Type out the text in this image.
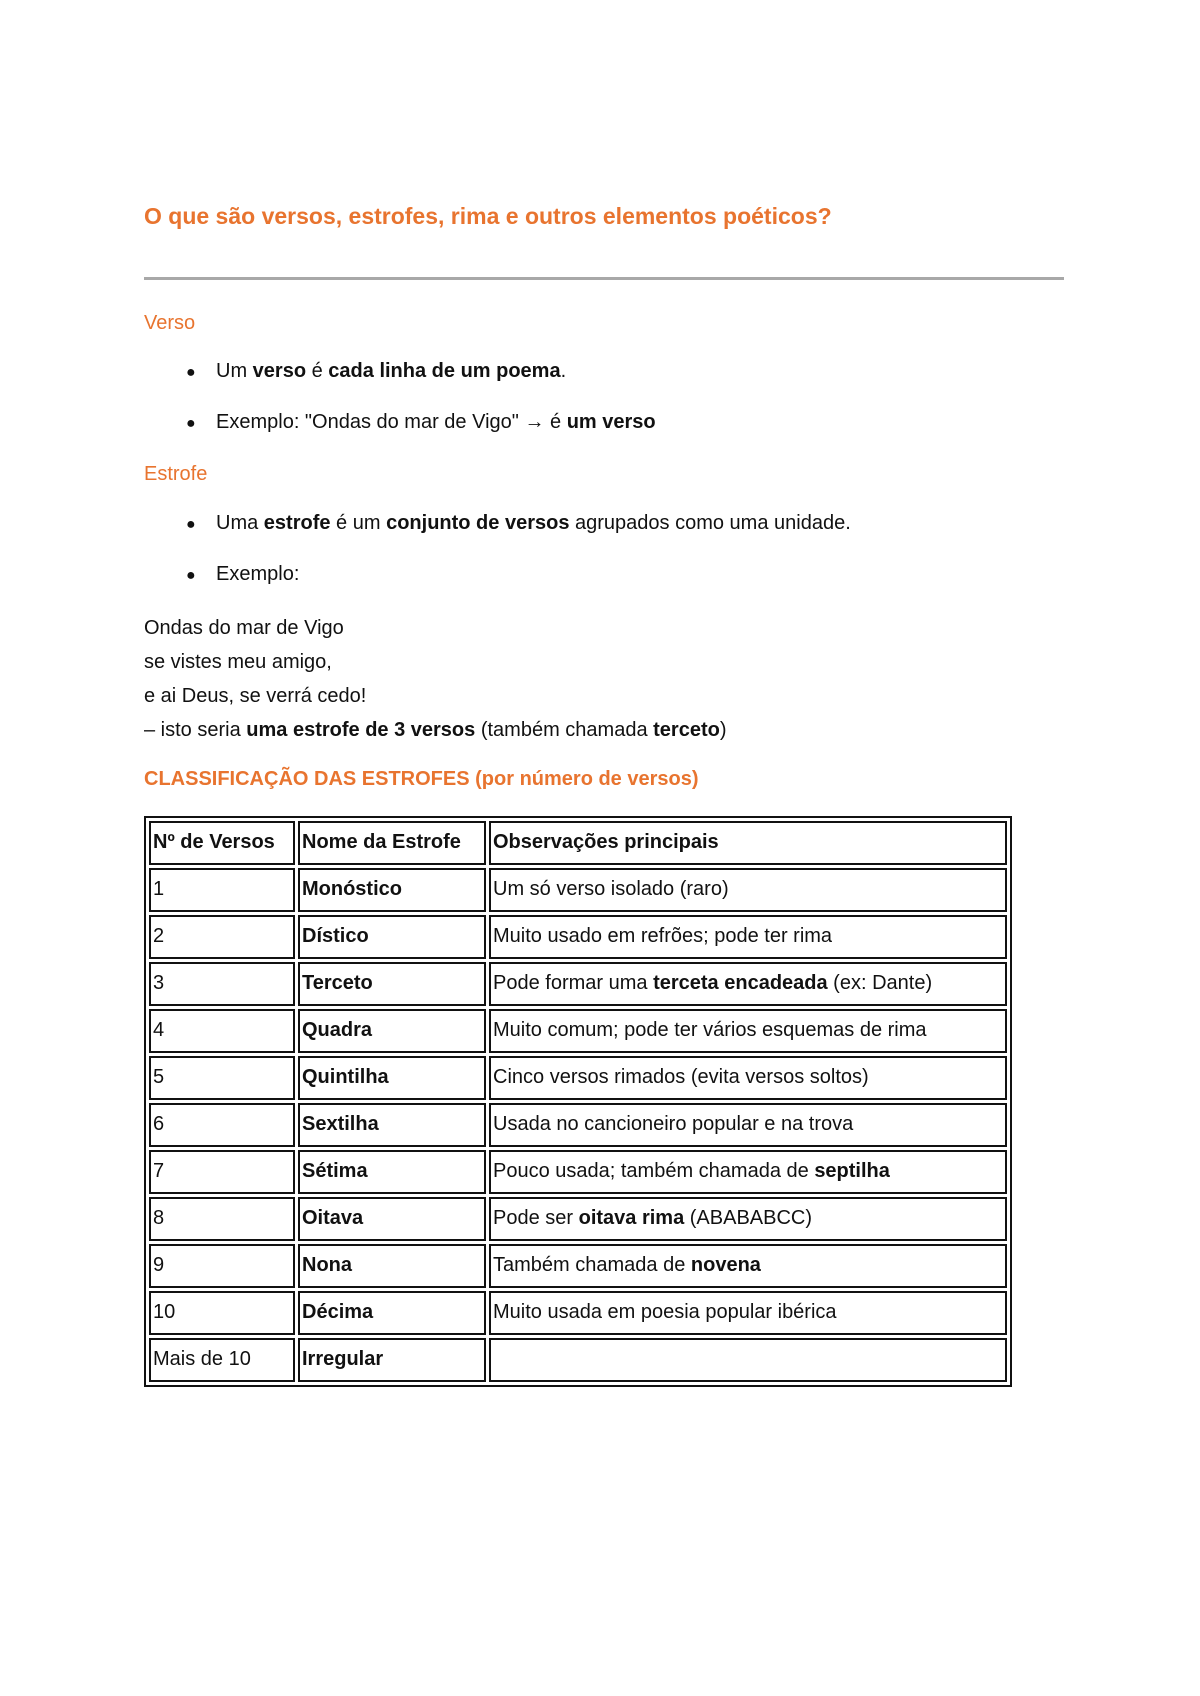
O que são versos, estrofes, rima e outros elementos poéticos?

Verso

●	Um verso é cada linha de um poema.

●	Exemplo: "Ondas do mar de Vigo" → é um verso

Estrofe

●	Uma estrofe é um conjunto de versos agrupados como uma unidade.

●	Exemplo:

Ondas do mar de Vigo
se vistes meu amigo,
e ai Deus, se verrá cedo!
– isto seria uma estrofe de 3 versos (também chamada terceto)

CLASSIFICAÇÃO DAS ESTROFES (por número de versos)

Nº de Versos	Nome da Estrofe	Observações principais
1	Monóstico	Um só verso isolado (raro)
2	Dístico	Muito usado em refrões; pode ter rima
3	Terceto	Pode formar uma terceta encadeada (ex: Dante)
4	Quadra	Muito comum; pode ter vários esquemas de rima
5	Quintilha	Cinco versos rimados (evita versos soltos)
6	Sextilha	Usada no cancioneiro popular e na trova
7	Sétima	Pouco usada; também chamada de septilha
8	Oitava	Pode ser oitava rima (ABABABCC)
9	Nona	Também chamada de novena
10	Décima	Muito usada em poesia popular ibérica
Mais de 10	Irregular	
